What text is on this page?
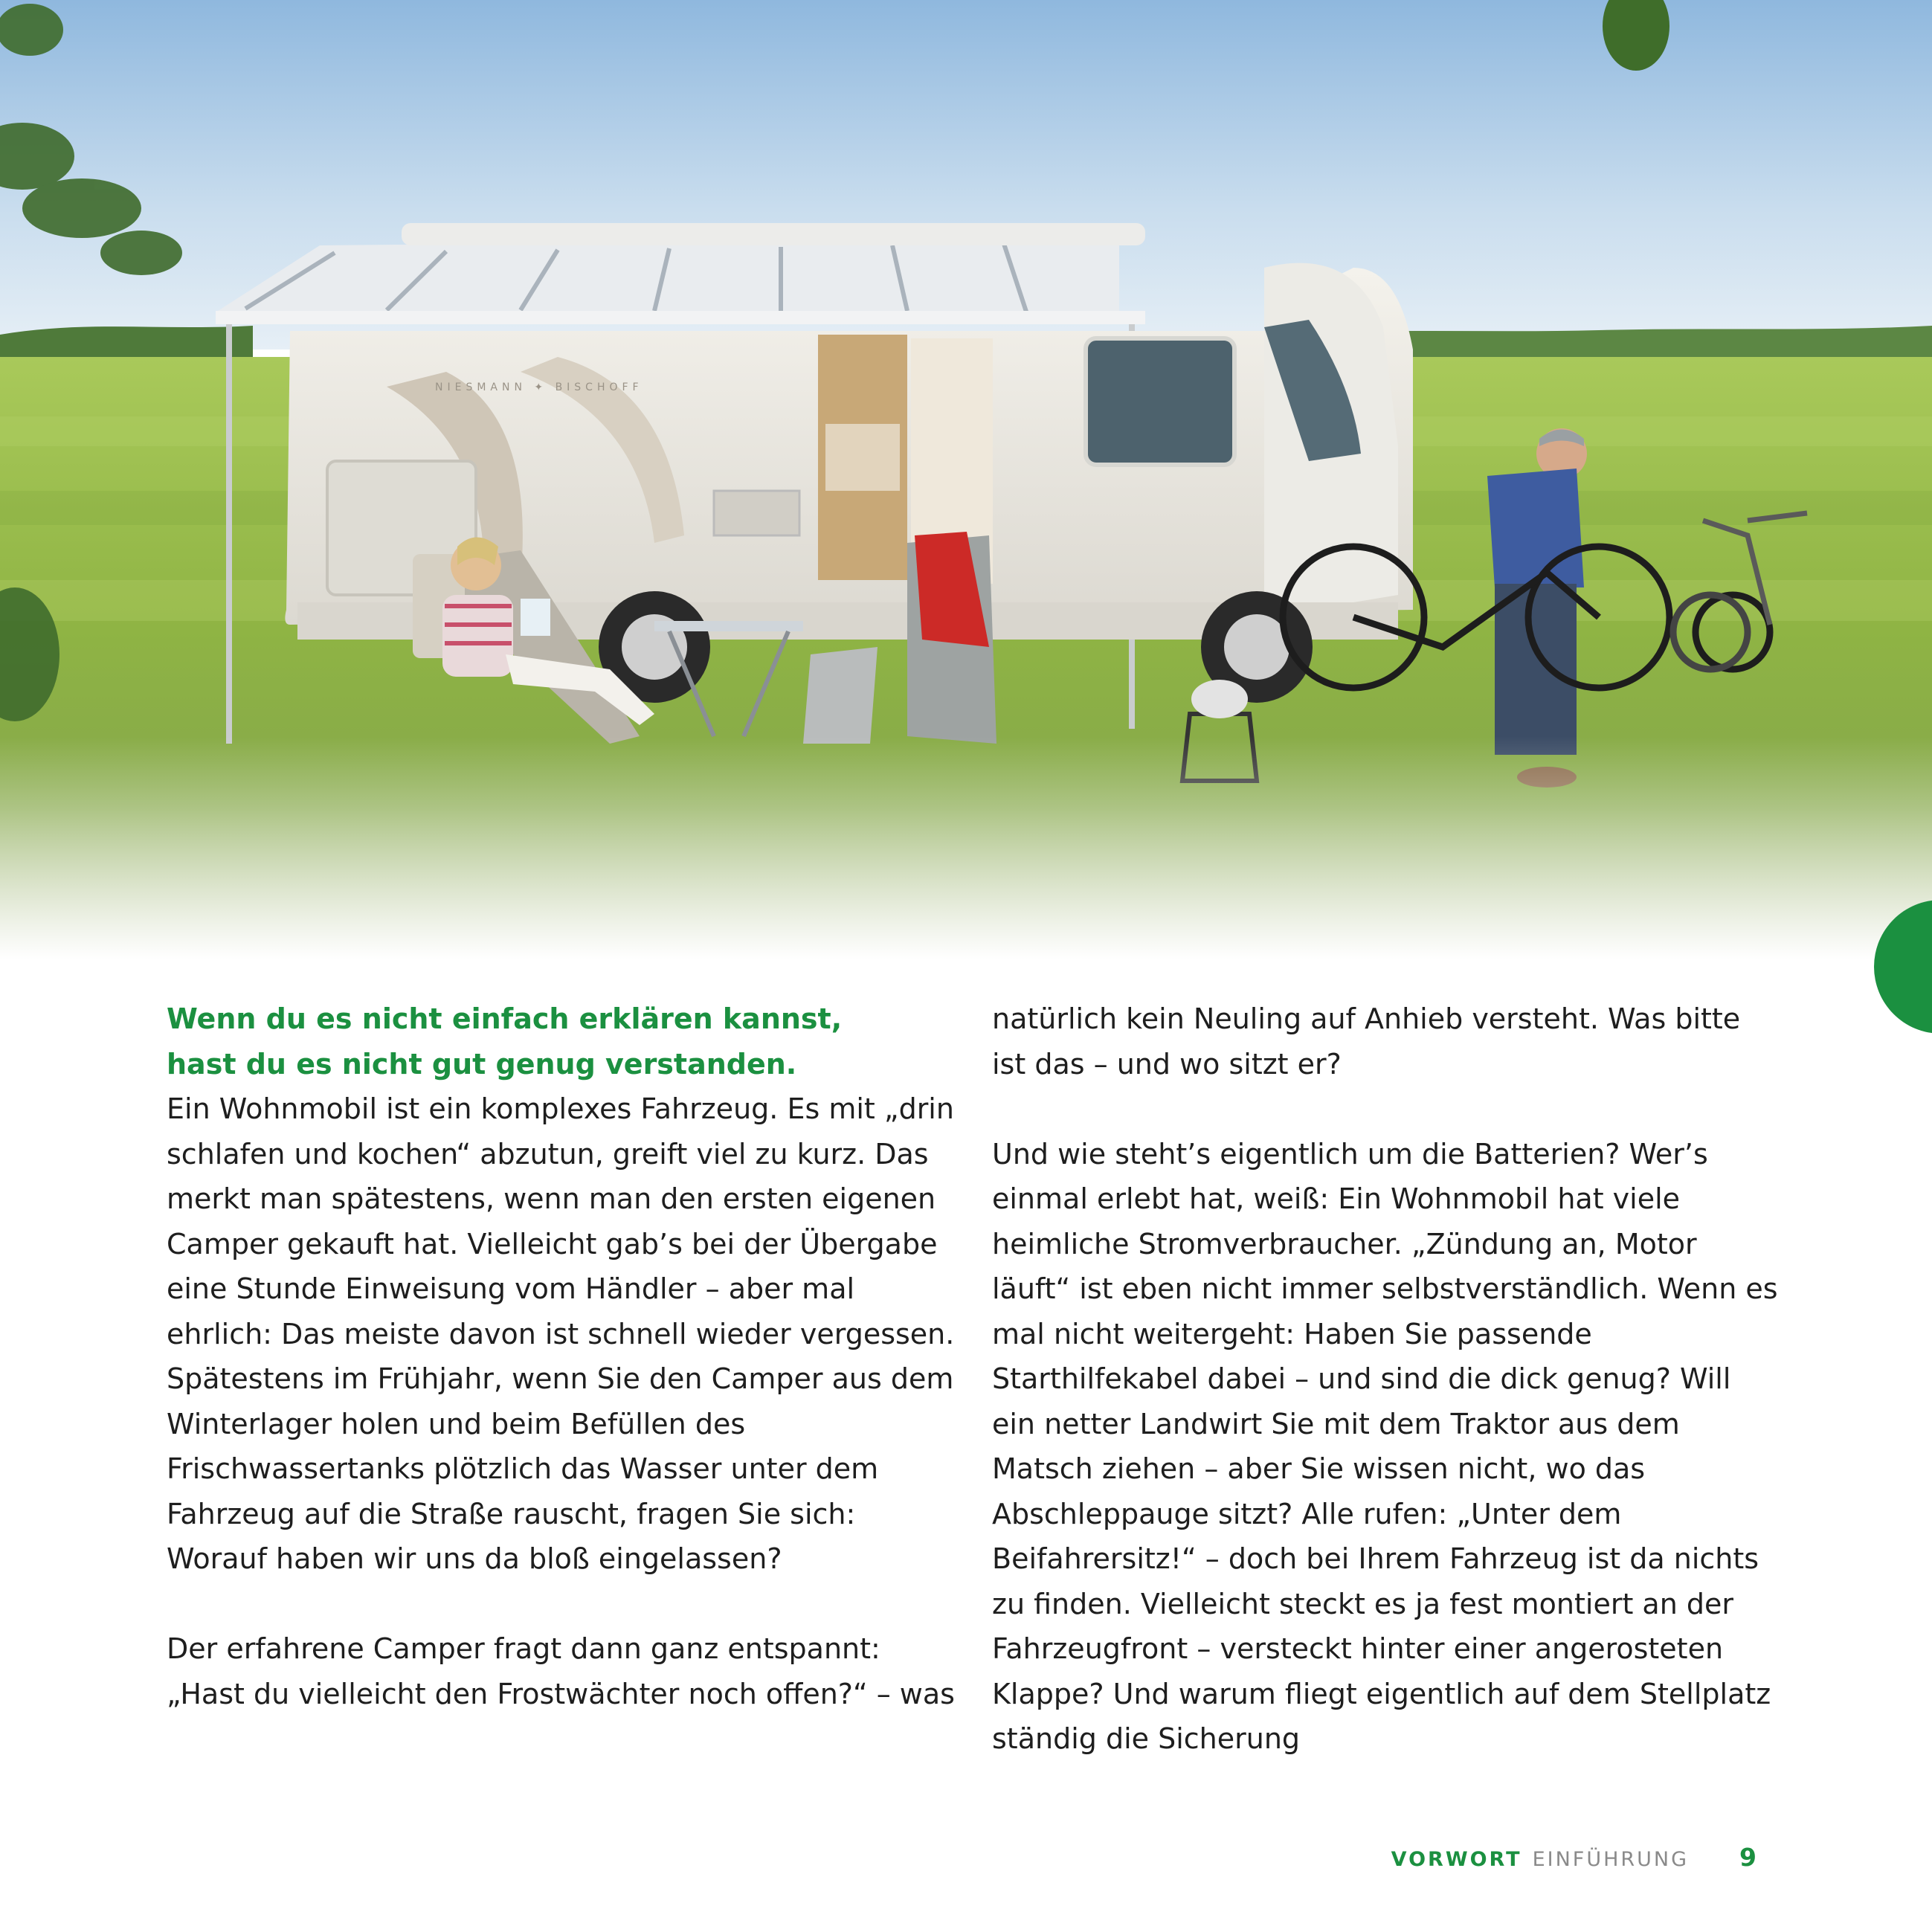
NIESMANN ✦ BISCHOFF
Wenn du es nicht einfach erklären kannst,
hast du es nicht gut genug verstanden.

Ein Wohnmobil ist ein komplexes Fahrzeug. Es mit „drin schlafen und kochen“ abzutun, greift viel zu kurz. Das merkt man spätestens, wenn man den ersten eigenen Camper gekauft hat. Vielleicht gab’s bei der Übergabe eine Stunde Einweisung vom Händler – aber mal ehrlich: Das meiste davon ist schnell wieder vergessen. Spätestens im Frühjahr, wenn Sie den Camper aus dem Winterlager holen und beim Befüllen des Frischwassertanks plötzlich das Wasser unter dem Fahrzeug auf die Straße rauscht, fragen Sie sich: Worauf haben wir uns da bloß eingelassen?

Der erfahrene Camper fragt dann ganz entspannt: „Hast du vielleicht den Frostwächter noch offen?“ – was

natürlich kein Neuling auf Anhieb versteht. Was bitte ist das – und wo sitzt er?

Und wie steht’s eigentlich um die Batterien? Wer’s einmal erlebt hat, weiß: Ein Wohnmobil hat viele heimliche Stromverbraucher. „Zündung an, Motor läuft“ ist eben nicht immer selbstverständlich. Wenn es mal nicht weitergeht: Haben Sie passende Starthilfekabel dabei – und sind die dick genug? Will ein netter Landwirt Sie mit dem Traktor aus dem Matsch ziehen – aber Sie wissen nicht, wo das Abschleppauge sitzt? Alle rufen: „Unter dem Beifahrersitz!“ – doch bei Ihrem Fahrzeug ist da nichts zu finden. Vielleicht steckt es ja fest montiert an der Fahrzeugfront – versteckt hinter einer angerosteten Klappe? Und warum fliegt eigentlich auf dem Stellplatz ständig die Sicherung

VORWORT EINFÜHRUNG 9
